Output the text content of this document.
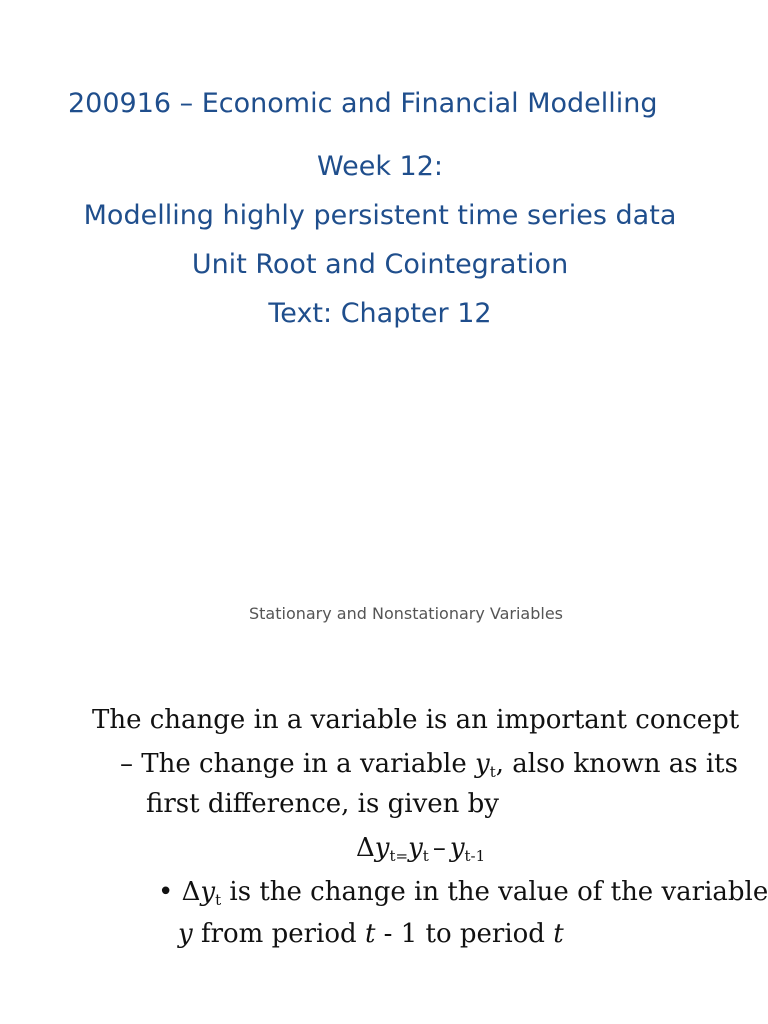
200916 – Economic and Financial Modelling

Week 12:

Modelling highly persistent time series data

Unit Root and Cointegration

Text: Chapter 12

Stationary and Nonstationary Variables
The change in a variable is an important concept
– The change in a variable $y_t$, also known as its
first difference, is given by
$\Delta y_{t=}y_t - y_{t-1}$
• $\Delta y_t$ is the change in the value of the variable
y from period t - 1 to period t
